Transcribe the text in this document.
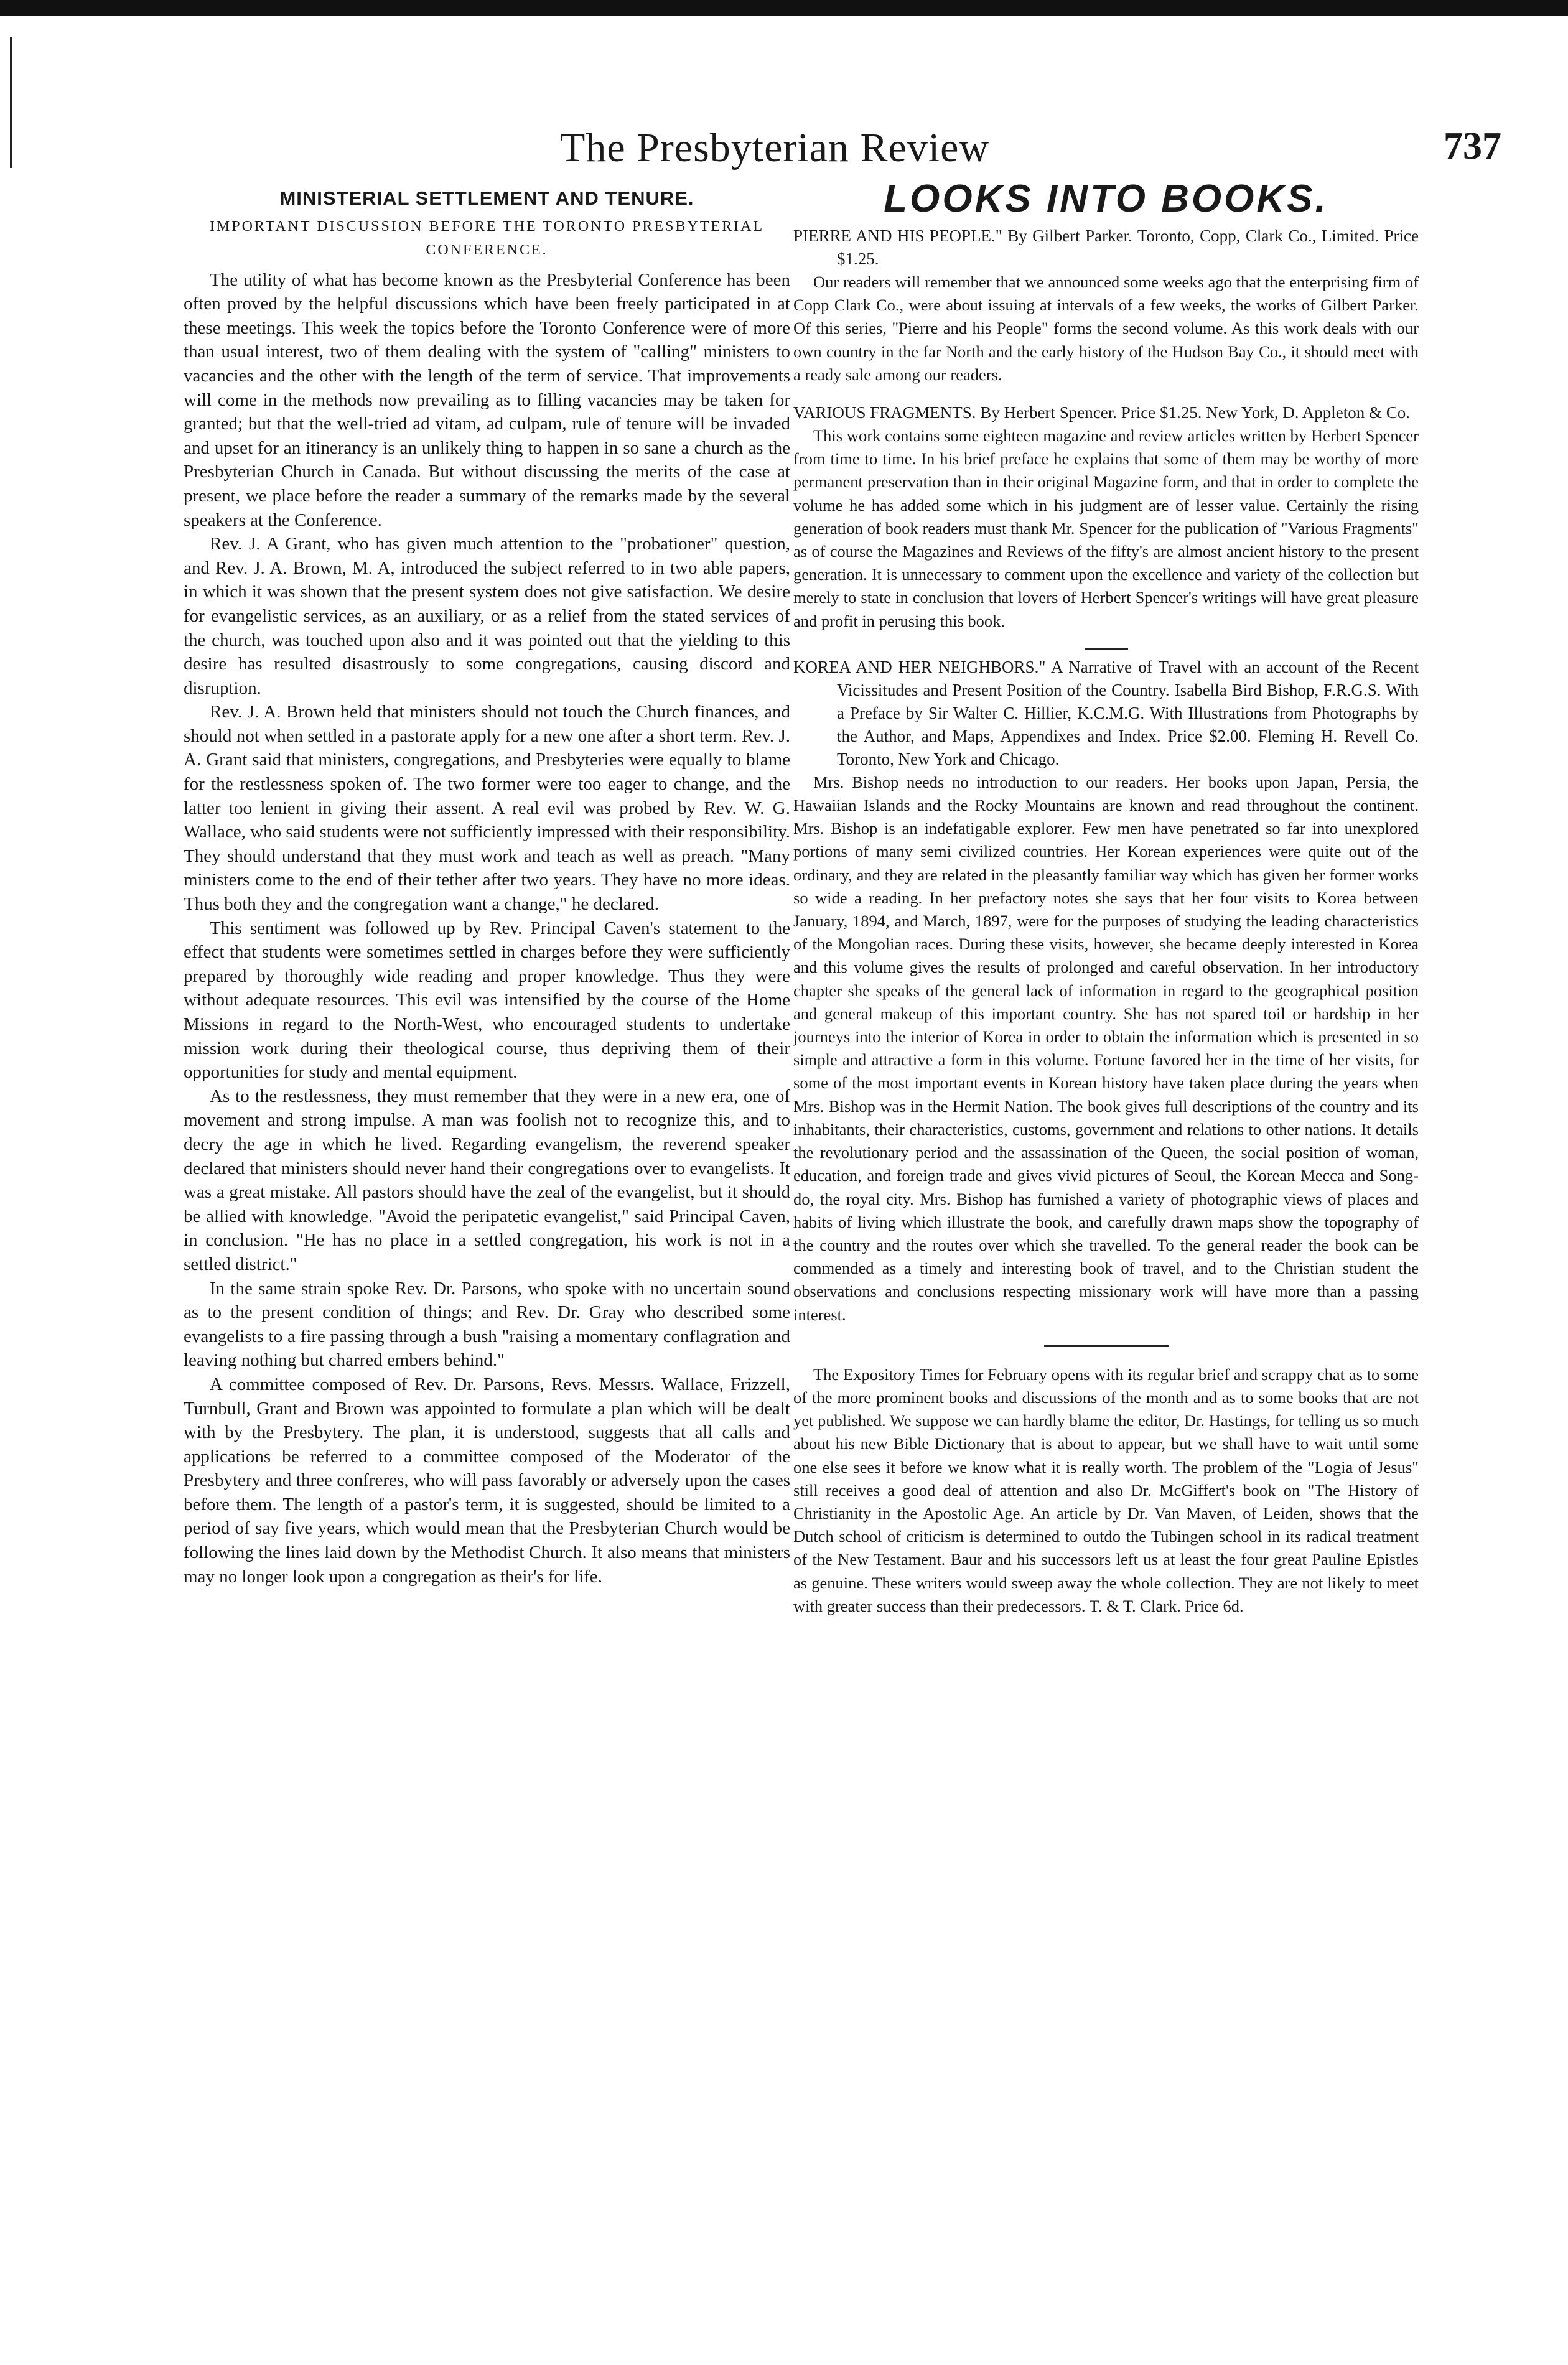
The Presbyterian Review	737
MINISTERIAL SETTLEMENT AND TENURE.

IMPORTANT DISCUSSION BEFORE THE TORONTO PRESBYTERIAL CONFERENCE.

The utility of what has become known as the Presbyterial Conference has been often proved by the helpful discussions which have been freely participated in at these meetings. This week the topics before the Toronto Conference were of more than usual interest, two of them dealing with the system of "calling" ministers to vacancies and the other with the length of the term of service. That improvements will come in the methods now prevailing as to filling vacancies may be taken for granted; but that the well-tried ad vitam, ad culpam, rule of tenure will be invaded and upset for an itinerancy is an unlikely thing to happen in so sane a church as the Presbyterian Church in Canada. But without discussing the merits of the case at present, we place before the reader a summary of the remarks made by the several speakers at the Conference.

Rev. J. A Grant, who has given much attention to the "probationer" question, and Rev. J. A. Brown, M. A, introduced the subject referred to in two able papers, in which it was shown that the present system does not give satisfaction. We desire for evangelistic services, as an auxiliary, or as a relief from the stated services of the church, was touched upon also and it was pointed out that the yielding to this desire has resulted disastrously to some congregations, causing discord and disruption.

Rev. J. A. Brown held that ministers should not touch the Church finances, and should not when settled in a pastorate apply for a new one after a short term. Rev. J. A. Grant said that ministers, congregations, and Presbyteries were equally to blame for the restlessness spoken of. The two former were too eager to change, and the latter too lenient in giving their assent. A real evil was probed by Rev. W. G. Wallace, who said students were not sufficiently impressed with their responsibility. They should understand that they must work and teach as well as preach. "Many ministers come to the end of their tether after two years. They have no more ideas. Thus both they and the congregation want a change," he declared.

This sentiment was followed up by Rev. Principal Caven's statement to the effect that students were sometimes settled in charges before they were sufficiently prepared by thoroughly wide reading and proper knowledge. Thus they were without adequate resources. This evil was intensified by the course of the Home Missions in regard to the North-West, who encouraged students to undertake mission work during their theological course, thus depriving them of their opportunities for study and mental equipment.

As to the restlessness, they must remember that they were in a new era, one of movement and strong impulse. A man was foolish not to recognize this, and to decry the age in which he lived. Regarding evangelism, the reverend speaker declared that ministers should never hand their congregations over to evangelists. It was a great mistake. All pastors should have the zeal of the evangelist, but it should be allied with knowledge. "Avoid the peripatetic evangelist," said Principal Caven, in conclusion. "He has no place in a settled congregation, his work is not in a settled district."

In the same strain spoke Rev. Dr. Parsons, who spoke with no uncertain sound as to the present condition of things; and Rev. Dr. Gray who described some evangelists to a fire passing through a bush "raising a momentary conflagration and leaving nothing but charred embers behind."

A committee composed of Rev. Dr. Parsons, Revs. Messrs. Wallace, Frizzell, Turnbull, Grant and Brown was appointed to formulate a plan which will be dealt with by the Presbytery. The plan, it is understood, suggests that all calls and applications be referred to a committee composed of the Moderator of the Presbytery and three confreres, who will pass favorably or adversely upon the cases before them. The length of a pastor's term, it is suggested, should be limited to a period of say five years, which would mean that the Presbyterian Church would be following the lines laid down by the Methodist Church. It also means that ministers may no longer look upon a congregation as their's for life.

LOOKS INTO BOOKS.

PIERRE AND HIS PEOPLE." By Gilbert Parker. Toronto, Copp, Clark Co., Limited. Price $1.25.

Our readers will remember that we announced some weeks ago that the enterprising firm of Copp Clark Co., were about issuing at intervals of a few weeks, the works of Gilbert Parker. Of this series, "Pierre and his People" forms the second volume. As this work deals with our own country in the far North and the early history of the Hudson Bay Co., it should meet with a ready sale among our readers.

VARIOUS FRAGMENTS. By Herbert Spencer. Price $1.25. New York, D. Appleton & Co.

This work contains some eighteen magazine and review articles written by Herbert Spencer from time to time. In his brief preface he explains that some of them may be worthy of more permanent preservation than in their original Magazine form, and that in order to complete the volume he has added some which in his judgment are of lesser value. Certainly the rising generation of book readers must thank Mr. Spencer for the publication of "Various Fragments" as of course the Magazines and Reviews of the fifty's are almost ancient history to the present generation. It is unnecessary to comment upon the excellence and variety of the collection but merely to state in conclusion that lovers of Herbert Spencer's writings will have great pleasure and profit in perusing this book.

KOREA AND HER NEIGHBORS." A Narrative of Travel with an account of the Recent Vicissitudes and Present Position of the Country. Isabella Bird Bishop, F.R.G.S. With a Preface by Sir Walter C. Hillier, K.C.M.G. With Illustrations from Photographs by the Author, and Maps, Appendixes and Index. Price $2.00. Fleming H. Revell Co. Toronto, New York and Chicago.

Mrs. Bishop needs no introduction to our readers. Her books upon Japan, Persia, the Hawaiian Islands and the Rocky Mountains are known and read throughout the continent. Mrs. Bishop is an indefatigable explorer. Few men have penetrated so far into unexplored portions of many semi civilized countries. Her Korean experiences were quite out of the ordinary, and they are related in the pleasantly familiar way which has given her former works so wide a reading. In her prefactory notes she says that her four visits to Korea between January, 1894, and March, 1897, were for the purposes of studying the leading characteristics of the Mongolian races. During these visits, however, she became deeply interested in Korea and this volume gives the results of prolonged and careful observation. In her introductory chapter she speaks of the general lack of information in regard to the geographical position and general makeup of this important country. She has not spared toil or hardship in her journeys into the interior of Korea in order to obtain the information which is presented in so simple and attractive a form in this volume. Fortune favored her in the time of her visits, for some of the most important events in Korean history have taken place during the years when Mrs. Bishop was in the Hermit Nation. The book gives full descriptions of the country and its inhabitants, their characteristics, customs, government and relations to other nations. It details the revolutionary period and the assassination of the Queen, the social position of woman, education, and foreign trade and gives vivid pictures of Seoul, the Korean Mecca and Song-do, the royal city. Mrs. Bishop has furnished a variety of photographic views of places and habits of living which illustrate the book, and carefully drawn maps show the topography of the country and the routes over which she travelled. To the general reader the book can be commended as a timely and interesting book of travel, and to the Christian student the observations and conclusions respecting missionary work will have more than a passing interest.

The Expository Times for February opens with its regular brief and scrappy chat as to some of the more prominent books and discussions of the month and as to some books that are not yet published. We suppose we can hardly blame the editor, Dr. Hastings, for telling us so much about his new Bible Dictionary that is about to appear, but we shall have to wait until some one else sees it before we know what it is really worth. The problem of the "Logia of Jesus" still receives a good deal of attention and also Dr. McGiffert's book on "The History of Christianity in the Apostolic Age. An article by Dr. Van Maven, of Leiden, shows that the Dutch school of criticism is determined to outdo the Tubingen school in its radical treatment of the New Testament. Baur and his successors left us at least the four great Pauline Epistles as genuine. These writers would sweep away the whole collection. They are not likely to meet with greater success than their predecessors. T. & T. Clark. Price 6d.
